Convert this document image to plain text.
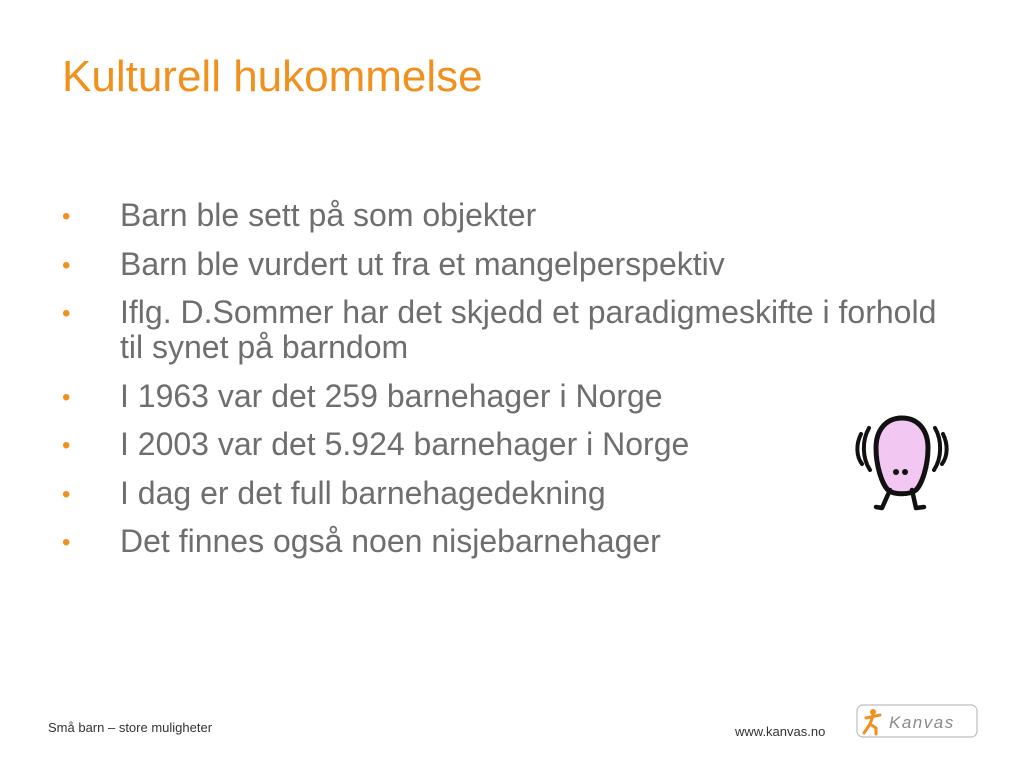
Kulturell hukommelse
• Barn ble sett på som objekter
• Barn ble vurdert ut fra et mangelperspektiv
• Iflg. D.Sommer har det skjedd et paradigmeskifte i forhold til synet på barndom
• I 1963 var det 259 barnehager i Norge
• I 2003 var det 5.924 barnehager i Norge
• I dag er det full barnehagedekning
• Det finnes også noen nisjebarnehager
Små barn – store muligheter	www.kanvas.no	Kanvas
